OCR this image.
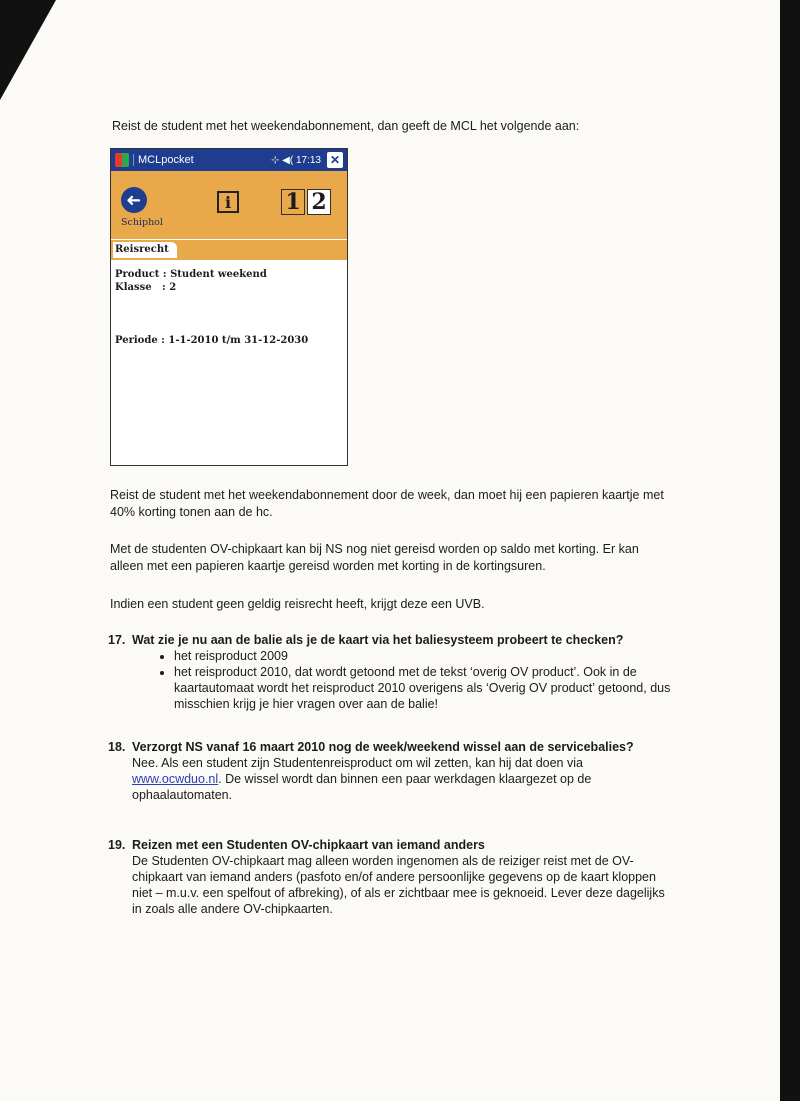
Reist de student met het weekendabonnement, dan geeft de MCL het volgende aan:
MCLpocket	⊹ ◀( 17:13 ✕
➜
Schiphol
i	1 2
Reisrecht
Product : Student weekend
Klasse   : 2
Periode : 1-1-2010 t/m 31-12-2030
Reist de student met het weekendabonnement door de week, dan moet hij een papieren kaartje met 40% korting tonen aan de hc.
Met de studenten OV-chipkaart kan bij NS nog niet gereisd worden op saldo met korting. Er kan alleen met een papieren kaartje gereisd worden met korting in de kortingsuren.
Indien een student geen geldig reisrecht heeft, krijgt deze een UVB.
17. Wat zie je nu aan de balie als je de kaart via het baliesysteem probeert te checken?
• het reisproduct 2009
• het reisproduct 2010, dat wordt getoond met de tekst ‘overig OV product’. Ook in de kaartautomaat wordt het reisproduct 2010 overigens als ‘Overig OV product’ getoond, dus misschien krijg je hier vragen over aan de balie!
18. Verzorgt NS vanaf 16 maart 2010 nog de week/weekend wissel aan de servicebalies?
Nee. Als een student zijn Studentenreisproduct om wil zetten, kan hij dat doen via www.ocwduo.nl. De wissel wordt dan binnen een paar werkdagen klaargezet op de ophaalautomaten.
19. Reizen met een Studenten OV-chipkaart van iemand anders
De Studenten OV-chipkaart mag alleen worden ingenomen als de reiziger reist met de OV-chipkaart van iemand anders (pasfoto en/of andere persoonlijke gegevens op de kaart kloppen niet – m.u.v. een spelfout of afbreking), of als er zichtbaar mee is geknoeid. Lever deze dagelijks in zoals alle andere OV-chipkaarten.
